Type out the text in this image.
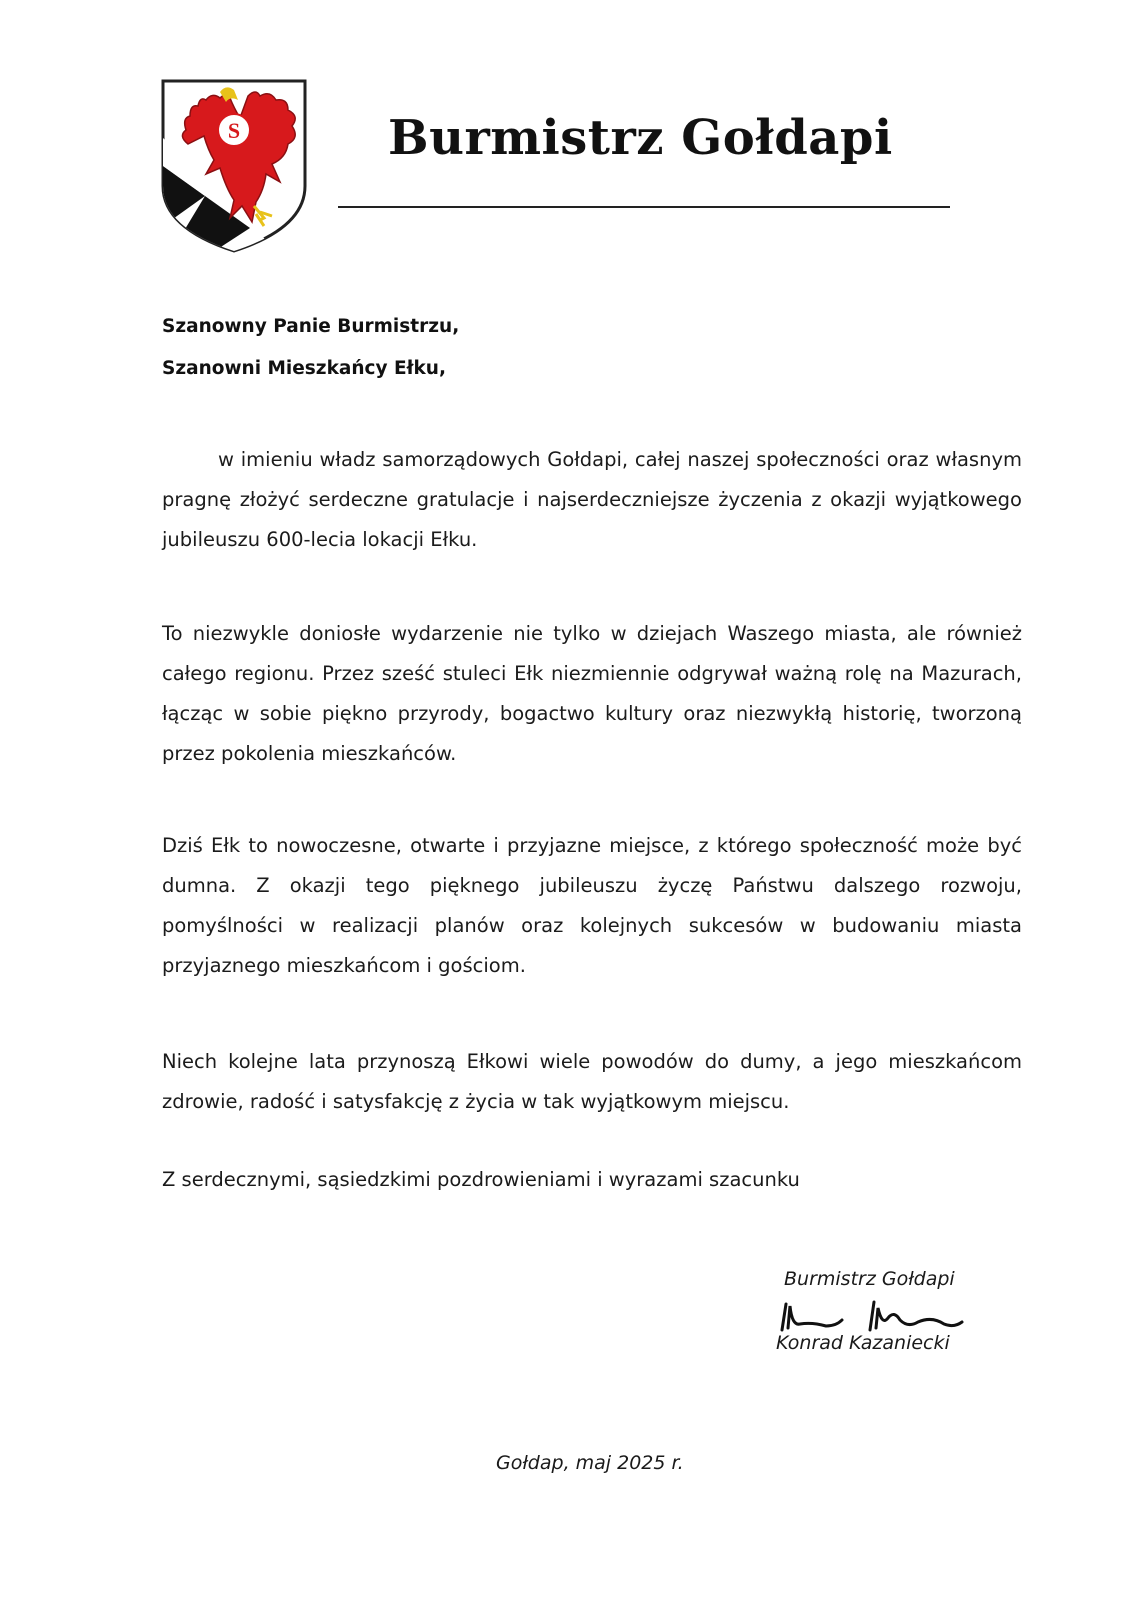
S	Burmistrz Gołdapi
Szanowny Panie Burmistrzu,
Szanowni Mieszkańcy Ełku,
w imieniu władz samorządowych Gołdapi, całej naszej społeczności oraz własnym pragnę złożyć serdeczne gratulacje i najserdeczniejsze życzenia z okazji wyjątkowego jubileuszu 600-lecia lokacji Ełku.
To niezwykle doniosłe wydarzenie nie tylko w dziejach Waszego miasta, ale również całego regionu. Przez sześć stuleci Ełk niezmiennie odgrywał ważną rolę na Mazurach, łącząc w sobie piękno przyrody, bogactwo kultury oraz niezwykłą historię, tworzoną przez pokolenia mieszkańców.
Dziś Ełk to nowoczesne, otwarte i przyjazne miejsce, z którego społeczność może być dumna. Z okazji tego pięknego jubileuszu życzę Państwu dalszego rozwoju, pomyślności w realizacji planów oraz kolejnych sukcesów w budowaniu miasta przyjaznego mieszkańcom i gościom.
Niech kolejne lata przynoszą Ełkowi wiele powodów do dumy, a jego mieszkańcom zdrowie, radość i satysfakcję z życia w tak wyjątkowym miejscu.
Z serdecznymi, sąsiedzkimi pozdrowieniami i wyrazami szacunku
Burmistrz Gołdapi
Konrad Kazaniecki
Gołdap, maj 2025 r.
